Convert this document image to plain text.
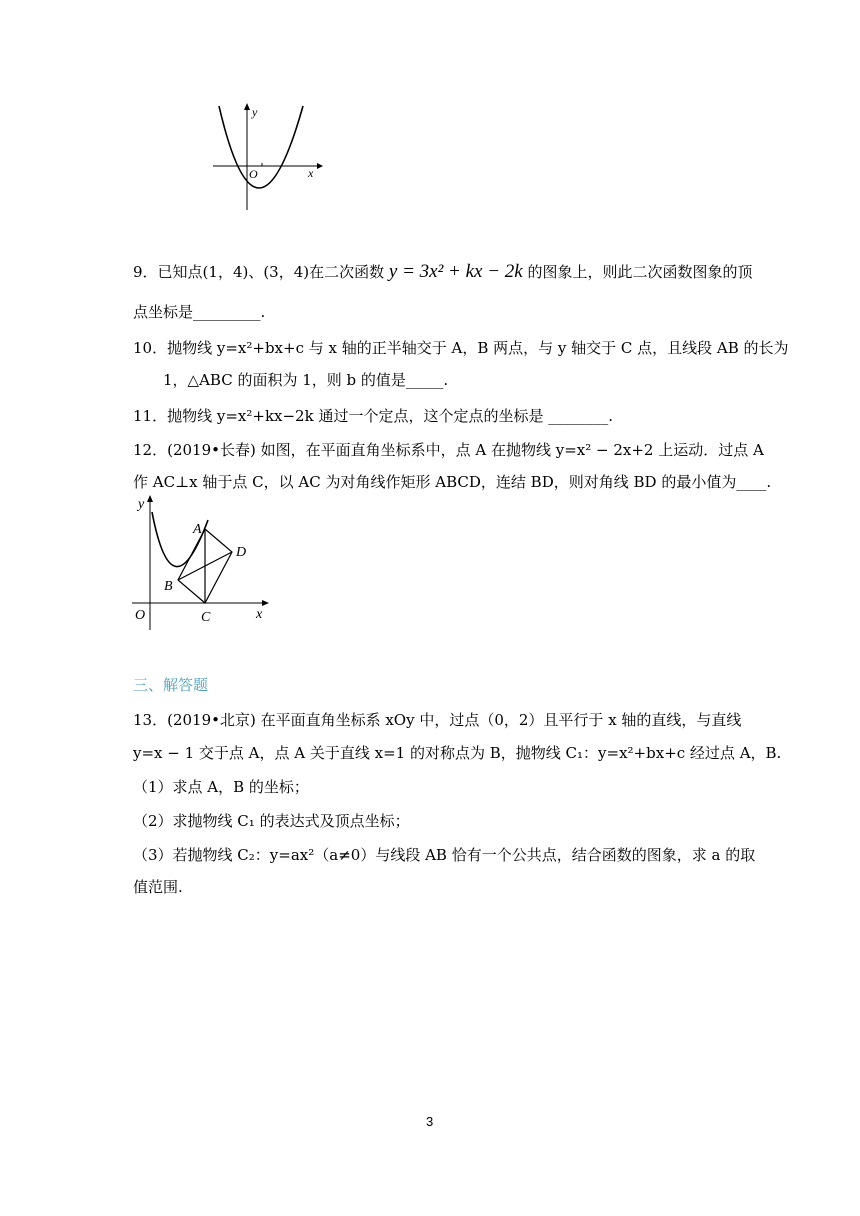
y
x
O
9．已知点(1，4)、(3，4)在二次函数 y = 3x² + kx − 2k 的图象上，则此二次函数图象的顶
点坐标是_________.
10．抛物线 y=x²+bx+c 与 x 轴的正半轴交于 A，B 两点，与 y 轴交于 C 点，且线段 AB 的长为
1，△ABC 的面积为 1，则 b 的值是_____.
11．抛物线 y=x²+kx−2k 通过一个定点，这个定点的坐标是 ________.
12．(2019•长春) 如图，在平面直角坐标系中，点 A 在抛物线 y=x² − 2x+2 上运动．过点 A
作 AC⊥x 轴于点 C，以 AC 为对角线作矩形 ABCD，连结 BD，则对角线 BD 的最小值为____.
y
x
O
A
B
C
D
三、解答题
13．(2019•北京) 在平面直角坐标系 xOy 中，过点（0，2）且平行于 x 轴的直线，与直线
y=x − 1 交于点 A，点 A 关于直线 x=1 的对称点为 B，抛物线 C₁：y=x²+bx+c 经过点 A，B.
（1）求点 A，B 的坐标；
（2）求抛物线 C₁ 的表达式及顶点坐标；
（3）若抛物线 C₂：y=ax²（a≠0）与线段 AB 恰有一个公共点，结合函数的图象，求 a 的取
值范围.
3
